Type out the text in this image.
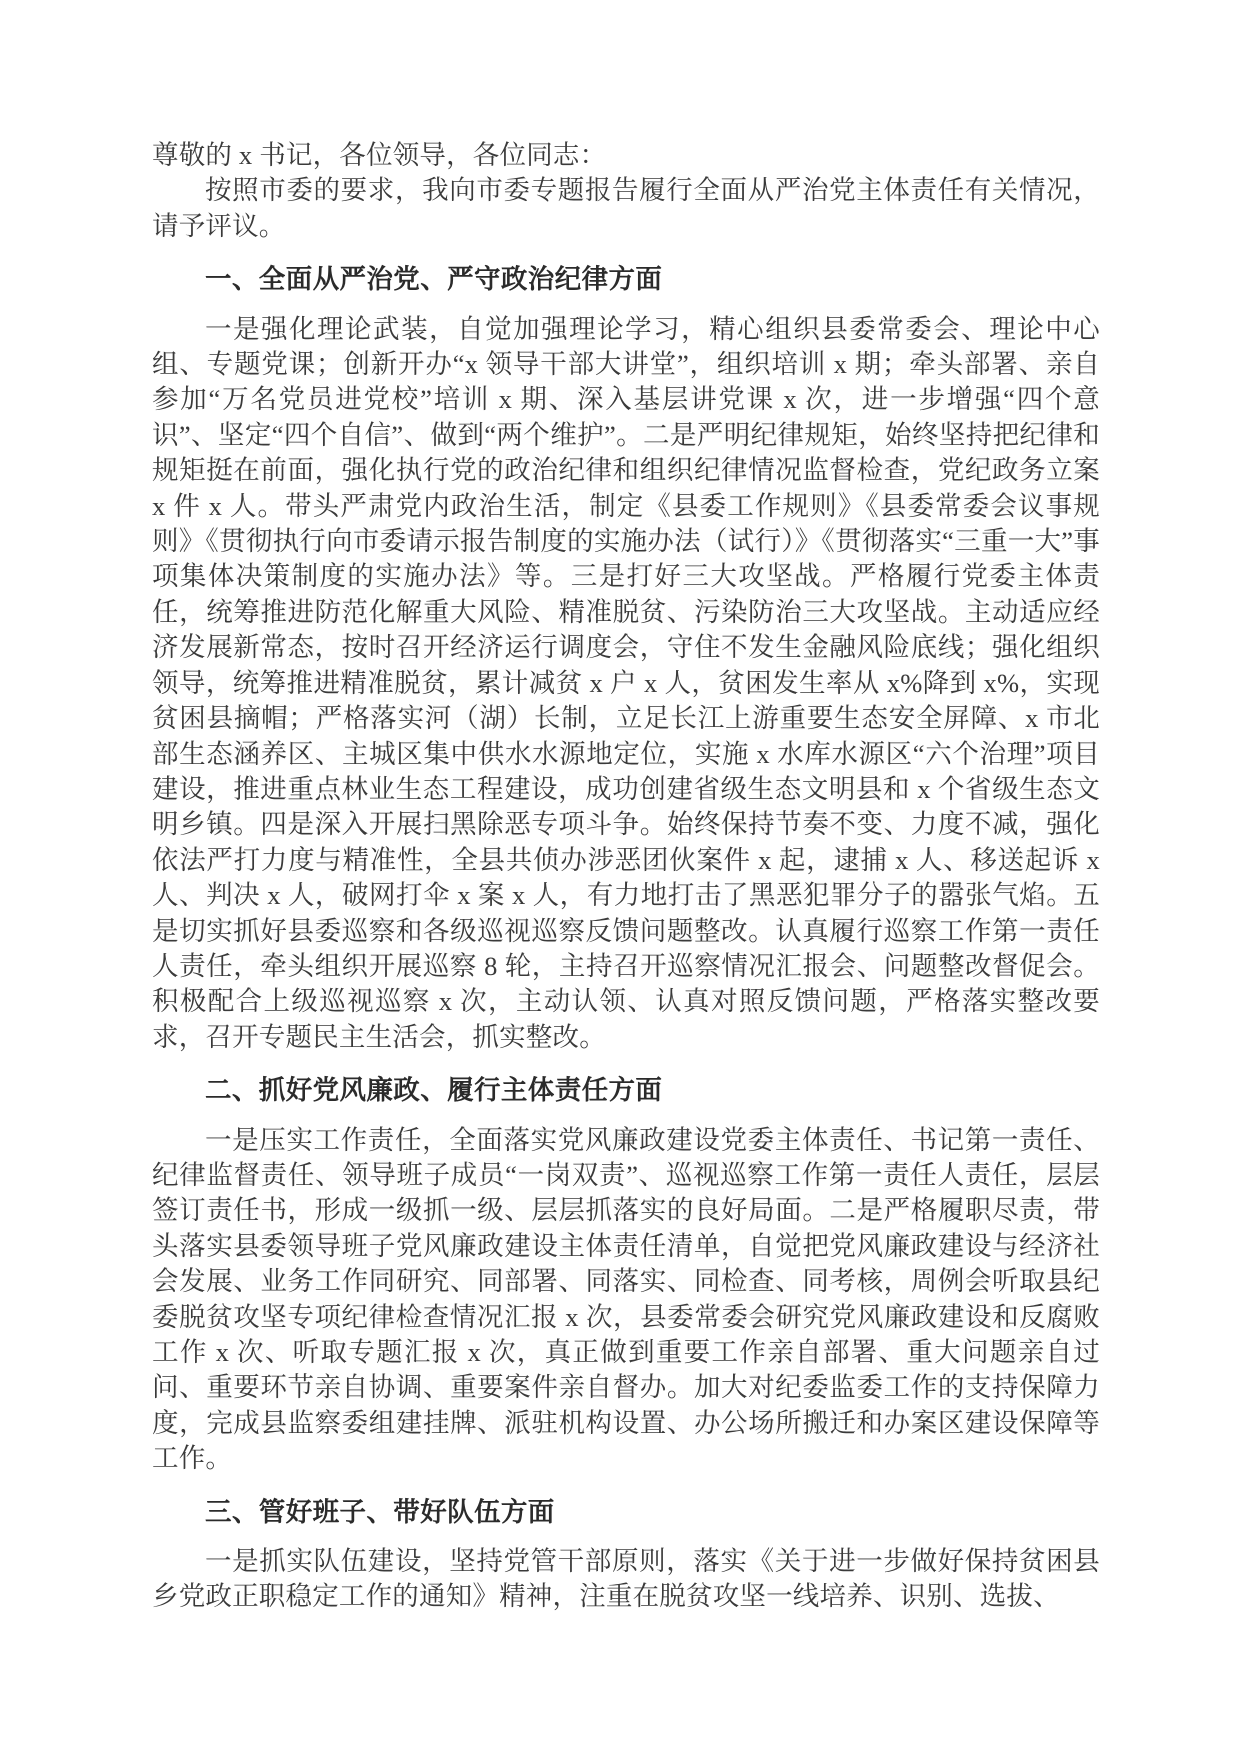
尊敬的 x 书记，各位领导，各位同志：

按照市委的要求，我向市委专题报告履行全面从严治党主体责任有关情况，请予评议。

一、全面从严治党、严守政治纪律方面

一是强化理论武装，自觉加强理论学习，精心组织县委常委会、理论中心组、专题党课；创新开办“x 领导干部大讲堂”，组织培训 x 期；牵头部署、亲自参加“万名党员进党校”培训 x 期、深入基层讲党课 x 次，进一步增强“四个意识”、坚定“四个自信”、做到“两个维护”。二是严明纪律规矩，始终坚持把纪律和规矩挺在前面，强化执行党的政治纪律和组织纪律情况监督检查，党纪政务立案 x 件 x 人。带头严肃党内政治生活，制定《县委工作规则》《县委常委会议事规则》《贯彻执行向市委请示报告制度的实施办法（试行）》《贯彻落实“三重一大”事项集体决策制度的实施办法》等。三是打好三大攻坚战。严格履行党委主体责任，统筹推进防范化解重大风险、精准脱贫、污染防治三大攻坚战。主动适应经济发展新常态，按时召开经济运行调度会，守住不发生金融风险底线；强化组织领导，统筹推进精准脱贫，累计减贫 x 户 x 人，贫困发生率从 x%降到 x%，实现贫困县摘帽；严格落实河（湖）长制，立足长江上游重要生态安全屏障、x 市北部生态涵养区、主城区集中供水水源地定位，实施 x 水库水源区“六个治理”项目建设，推进重点林业生态工程建设，成功创建省级生态文明县和 x 个省级生态文明乡镇。四是深入开展扫黑除恶专项斗争。始终保持节奏不变、力度不减，强化依法严打力度与精准性，全县共侦办涉恶团伙案件 x 起，逮捕 x 人、移送起诉 x 人、判决 x 人，破网打伞 x 案 x 人，有力地打击了黑恶犯罪分子的嚣张气焰。五是切实抓好县委巡察和各级巡视巡察反馈问题整改。认真履行巡察工作第一责任人责任，牵头组织开展巡察 8 轮，主持召开巡察情况汇报会、问题整改督促会。积极配合上级巡视巡察 x 次，主动认领、认真对照反馈问题，严格落实整改要求，召开专题民主生活会，抓实整改。

二、抓好党风廉政、履行主体责任方面

一是压实工作责任，全面落实党风廉政建设党委主体责任、书记第一责任、纪律监督责任、领导班子成员“一岗双责”、巡视巡察工作第一责任人责任，层层签订责任书，形成一级抓一级、层层抓落实的良好局面。二是严格履职尽责，带头落实县委领导班子党风廉政建设主体责任清单，自觉把党风廉政建设与经济社会发展、业务工作同研究、同部署、同落实、同检查、同考核，周例会听取县纪委脱贫攻坚专项纪律检查情况汇报 x 次，县委常委会研究党风廉政建设和反腐败工作 x 次、听取专题汇报 x 次，真正做到重要工作亲自部署、重大问题亲自过问、重要环节亲自协调、重要案件亲自督办。加大对纪委监委工作的支持保障力度，完成县监察委组建挂牌、派驻机构设置、办公场所搬迁和办案区建设保障等工作。

三、管好班子、带好队伍方面

一是抓实队伍建设，坚持党管干部原则，落实《关于进一步做好保持贫困县乡党政正职稳定工作的通知》精神，注重在脱贫攻坚一线培养、识别、选拔、
